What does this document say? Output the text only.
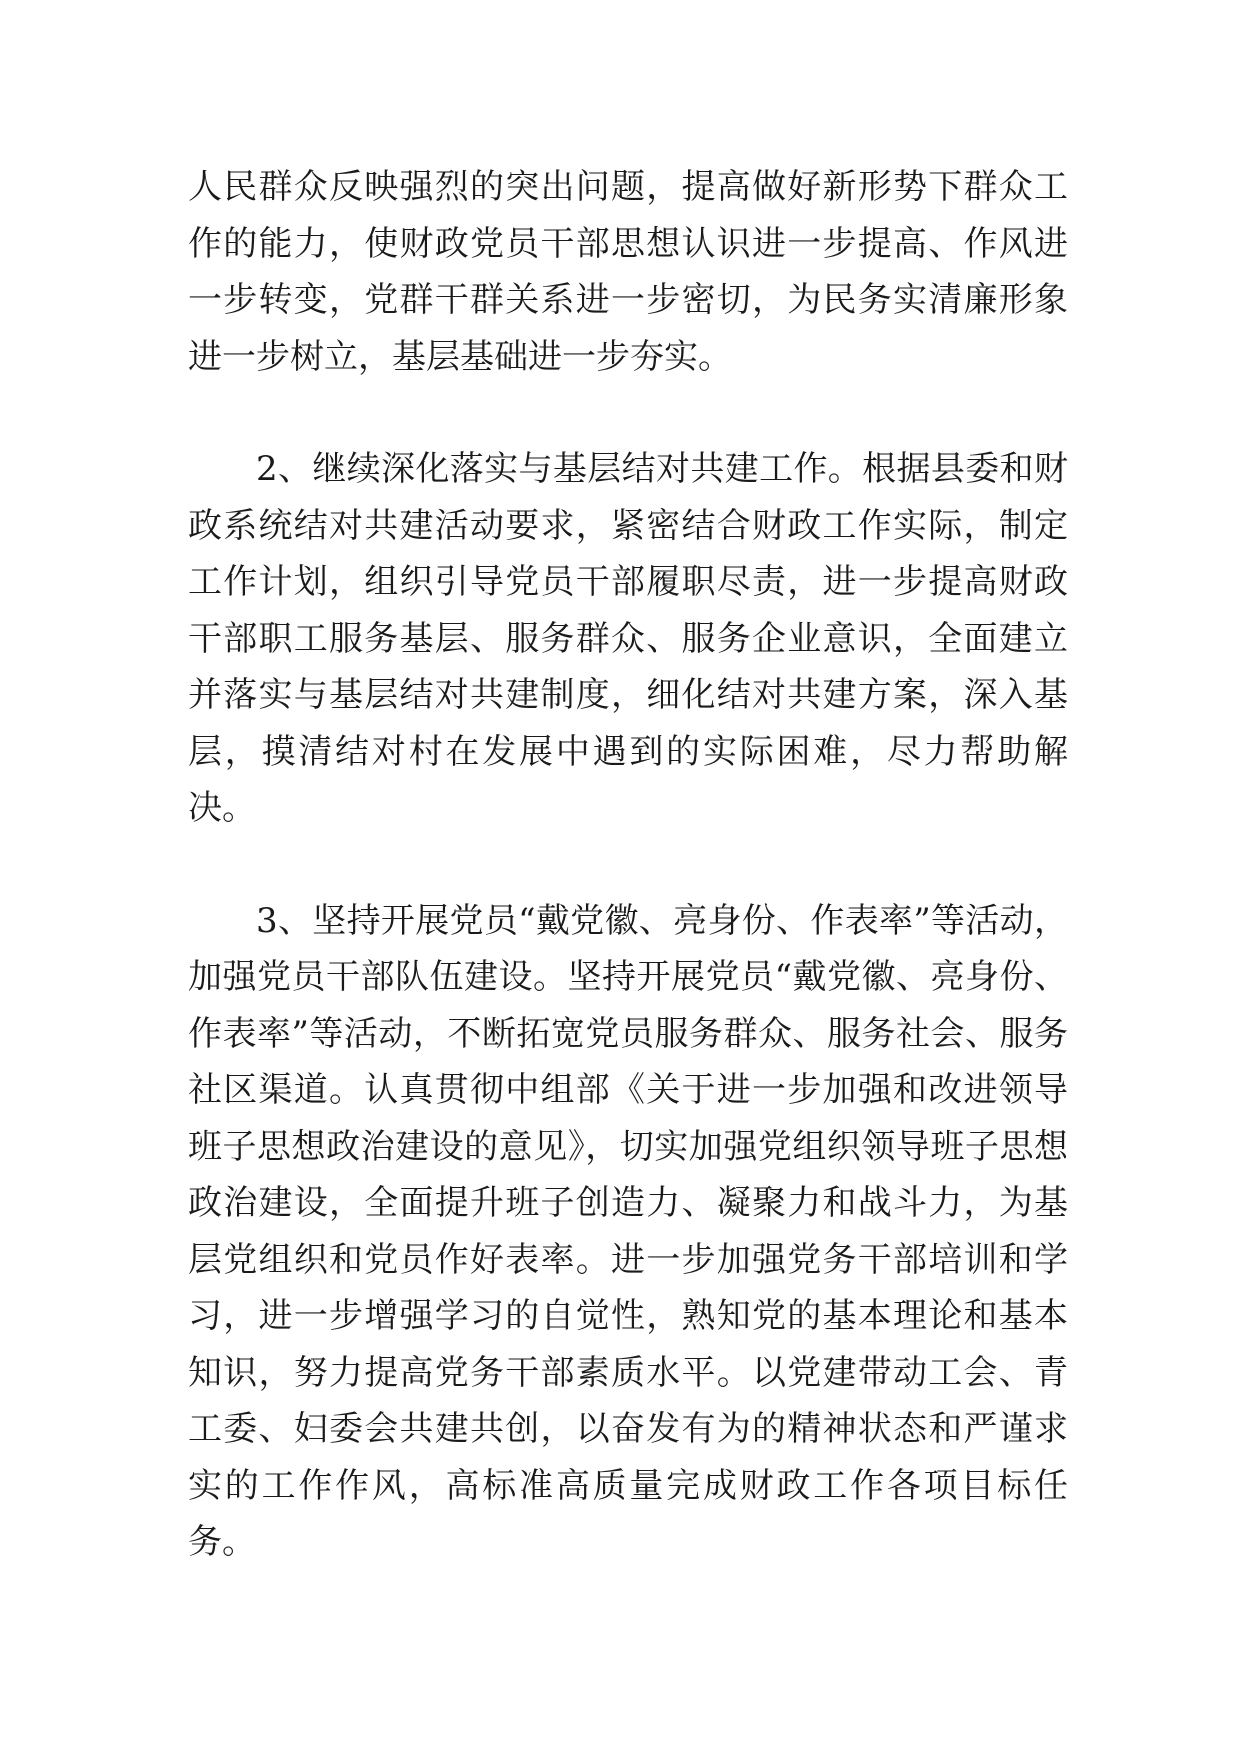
人民群众反映强烈的突出问题，提高做好新形势下群众工作的能力，使财政党员干部思想认识进一步提高、作风进一步转变，党群干群关系进一步密切，为民务实清廉形象进一步树立，基层基础进一步夯实。

2、继续深化落实与基层结对共建工作。根据县委和财政系统结对共建活动要求，紧密结合财政工作实际，制定工作计划，组织引导党员干部履职尽责，进一步提高财政干部职工服务基层、服务群众、服务企业意识，全面建立并落实与基层结对共建制度，细化结对共建方案，深入基层，摸清结对村在发展中遇到的实际困难，尽力帮助解决。

3、坚持开展党员“戴党徽、亮身份、作表率”等活动，加强党员干部队伍建设。坚持开展党员“戴党徽、亮身份、作表率”等活动，不断拓宽党员服务群众、服务社会、服务社区渠道。认真贯彻中组部《关于进一步加强和改进领导班子思想政治建设的意见》，切实加强党组织领导班子思想政治建设，全面提升班子创造力、凝聚力和战斗力，为基层党组织和党员作好表率。进一步加强党务干部培训和学习，进一步增强学习的自觉性，熟知党的基本理论和基本知识，努力提高党务干部素质水平。以党建带动工会、青工委、妇委会共建共创，以奋发有为的精神状态和严谨求实的工作作风，高标准高质量完成财政工作各项目标任务。
